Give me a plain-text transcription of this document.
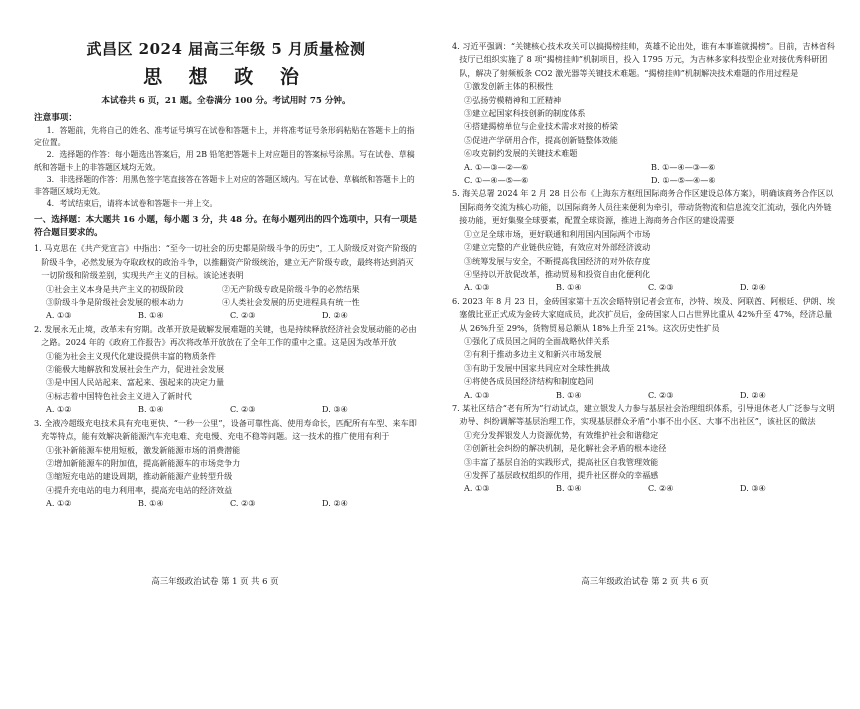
武昌区 2024 届高三年级 5 月质量检测
思 想 政 治
本试卷共 6 页，21 题。全卷满分 100 分。考试用时 75 分钟。
注意事项：

1．答题前，先将自己的姓名、准考证号填写在试卷和答题卡上，并将准考证号条形码粘贴在答题卡上的指定位置。

2．选择题的作答：每小题选出答案后，用 2B 铅笔把答题卡上对应题目的答案标号涂黑。写在试卷、草稿纸和答题卡上的非答题区域均无效。

3．非选择题的作答：用黑色签字笔直接答在答题卡上对应的答题区域内。写在试卷、草稿纸和答题卡上的非答题区域均无效。

4．考试结束后，请将本试卷和答题卡一并上交。

一、选择题：本大题共 16 小题，每小题 3 分，共 48 分。在每小题列出的四个选项中，只有一项是符合题目要求的。

1. 马克思在《共产党宣言》中指出：“至今一切社会的历史都是阶级斗争的历史”，工人阶级反对资产阶级的阶级斗争，必然发展为夺取政权的政治斗争，以推翻资产阶级统治，建立无产阶级专政，最终将达到消灭一切阶级和阶级差别，实现共产主义的目标。该论述表明

①社会主义本身是共产主义的初级阶段	②无产阶级专政是阶级斗争的必然结果
③阶级斗争是阶级社会发展的根本动力	④人类社会发展的历史进程具有统一性
A. ①③	B. ①④	C. ②③	D. ②④

2. 发展永无止境，改革未有穷期。改革开放是破解发展难题的关键，也是持续释放经济社会发展动能的必由之路。2024 年的《政府工作报告》再次将改革开放放在了全年工作的重中之重。这是因为改革开放

①能为社会主义现代化建设提供丰富的物质条件

②能极大地解放和发展社会生产力，促进社会发展

③是中国人民站起来、富起来、强起来的决定力量

④标志着中国特色社会主义进入了新时代

A. ①②	B. ①④	C. ②③	D. ③④

3. 全液冷超级充电技术具有充电更快、“一秒一公里”，设备可靠性高、使用寿命长，匹配所有车型、来车即充等特点，能有效解决新能源汽车充电难、充电慢、充电不稳等问题。这一技术的推广使用有利于

①张补新能源车使用短板，激发新能源市场的消费潜能

②增加新能源车的附加值，提高新能源车的市场竞争力

③缩短充电站的建设周期，推动新能源产业转型升级

④提升充电站的电力利用率，提高充电站的经济效益

A. ①②	B. ①④	C. ②③	D. ②④
高三年级政治试卷 第 1 页 共 6 页

4. 习近平强调：“关键核心技术攻关可以搞揭榜挂帅，英雄不论出处，谁有本事谁就揭榜”。目前，吉林省科技厅已组织实施了 8 项“揭榜挂帅”机制项目，投入 1795 万元，为吉林多家科技型企业对接优秀科研团队，解决了射频板条 CO2 激光器等关键技术难题。“揭榜挂帅”机制解决技术难题的作用过程是

①激发创新主体的积极性

②弘扬劳模精神和工匠精神

③建立起国家科技创新的制度体系

④搭建揭榜单位与企业技术需求对接的桥梁

⑤促进产学研用合作，提高创新链整体效能

⑥攻克制约发展的关键技术难题

A. ①—③—②—⑥	B. ①—④—③—⑥
C. ①—④—⑤—⑥	D. ①—⑤—④—⑥

5. 海关总署 2024 年 2 月 28 日公布《上海东方枢纽国际商务合作区建设总体方案》，明确该商务合作区以国际商务交流为核心功能，以国际商务人员往来便利为牵引，带动货物流和信息流交汇流动，强化内外链接功能，更好集聚全球要素，配置全球资源，推进上海商务合作区的建设需要

①立足全球市场，更好联通和利用国内国际两个市场

②建立完整的产业链供应链，有效应对外部经济波动

③统筹发展与安全，不断提高我国经济的对外依存度

④坚持以开放促改革，推动贸易和投资自由化便利化

A. ①③	B. ①④	C. ②③	D. ②④

6. 2023 年 8 月 23 日，金砖国家第十五次会晤特别记者会宣布，沙特、埃及、阿联酋、阿根廷、伊朗、埃塞俄比亚正式成为金砖大家庭成员，此次扩员后，金砖国家人口占世界比重从 42%升至 47%，经济总量从 26%升至 29%，货物贸易总额从 18%上升至 21%。这次历史性扩员

①强化了成员国之间的全面战略伙伴关系

②有利于推动多边主义和新兴市场发展

③有助于发展中国家共同应对全球性挑战

④将使各成员国经济结构和制度趋同

A. ①③	B. ①④	C. ②③	D. ②④

7. 某社区结合“老有所为”行动试点，建立银发人力参与基层社会治理组织体系，引导退休老人广泛参与文明劝导、纠纷调解等基层治理工作，实现基层群众矛盾“小事不出小区、大事不出社区”，该社区的做法

①充分发挥银发人力资源优势，有效维护社会和谐稳定

②创新社会纠纷的解决机制，是化解社会矛盾的根本途径

③丰富了基层自治的实践形式，提高社区自我管理效能

④发挥了基层政权组织的作用，提升社区群众的幸福感

A. ①③	B. ①④	C. ②④	D. ③④
高三年级政治试卷 第 2 页 共 6 页
